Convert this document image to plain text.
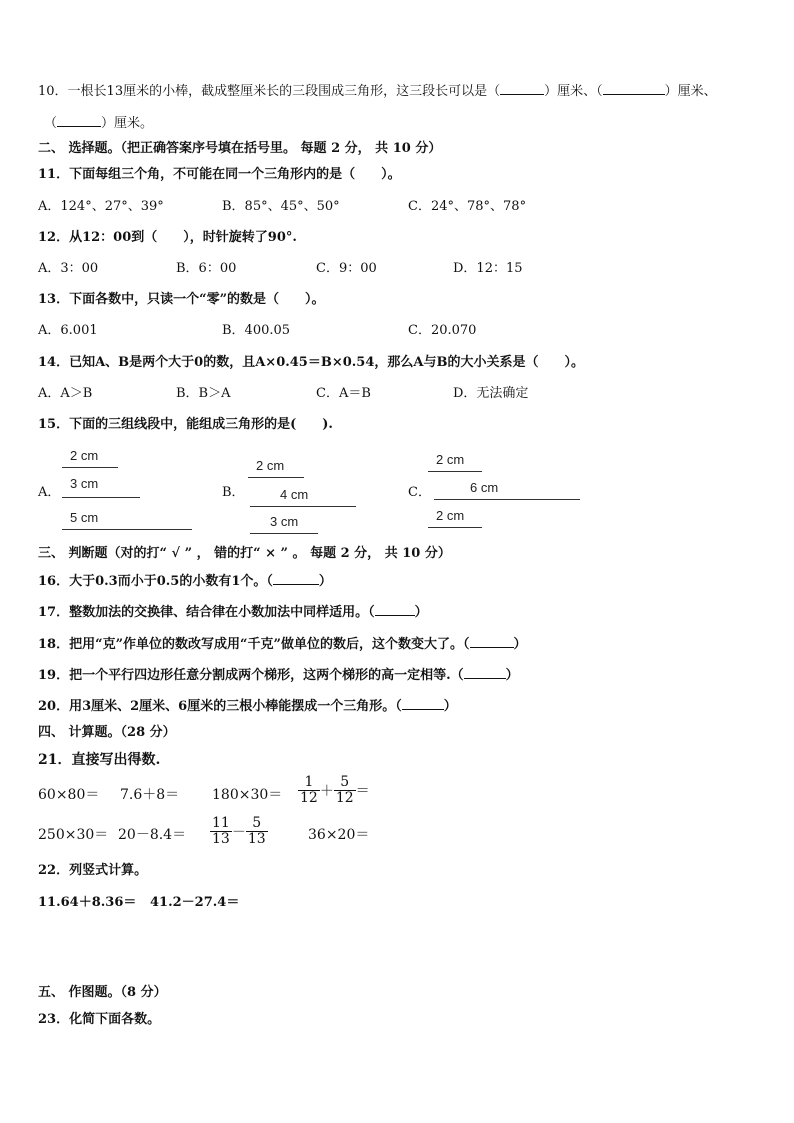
10．一根长13厘米的小棒，截成整厘米长的三段围成三角形，这三段长可以是（	）厘米、（	）厘米、
（	）厘米。
二、 选择题。（把正确答案序号填在括号里。 每题 2 分， 共 10 分）
11．下面每组三个角，不可能在同一个三角形内的是（　　）。
A．124°、27°、39°	B．85°、45°、50°	C．24°、78°、78°
12．从12：00到（　　），时针旋转了90°.
A．3：00	B．6：00	C．9：00	D．12：15
13．下面各数中，只读一个“零”的数是（　　）。
A．6.001	B．400.05	C．20.070
14．已知A、B是两个大于0的数，且A×0.45＝B×0.54，那么A与B的大小关系是（　　）。
A．A＞B	B．B＞A	C．A＝B	D．无法确定
15．下面的三组线段中，能组成三角形的是(　　).
A．
2 cm
3 cm
5 cm
B．
2 cm
4 cm
3 cm
C．
2 cm
6 cm
2 cm
三、 判断题（对的打“ √ ” ， 错的打“ × ” 。 每题 2 分， 共 10 分）
16．大于0.3而小于0.5的小数有1个。（	）
17．整数加法的交换律、结合律在小数加法中同样适用。（	）
18．把用“克”作单位的数改写成用“千克”做单位的数后，这个数变大了。（	）
19．把一个平行四边形任意分割成两个梯形，这两个梯形的高一定相等.（	）
20．用3厘米、2厘米、6厘米的三根小棒能摆成一个三角形。（	）
四、 计算题。（28 分）
21．直接写出得数.
$60\times 80= 7.6+8= 180\times 30= \frac{1}{12} + \frac{5}{12}$ ＝
$250\times 30= 20-8.4= \frac{11}{13} - \frac{5}{13}$	36×20＝
22．列竖式计算。
11.64＋8.36＝ 41.2－27.4＝
五、 作图题。（8 分）
23．化简下面各数。
